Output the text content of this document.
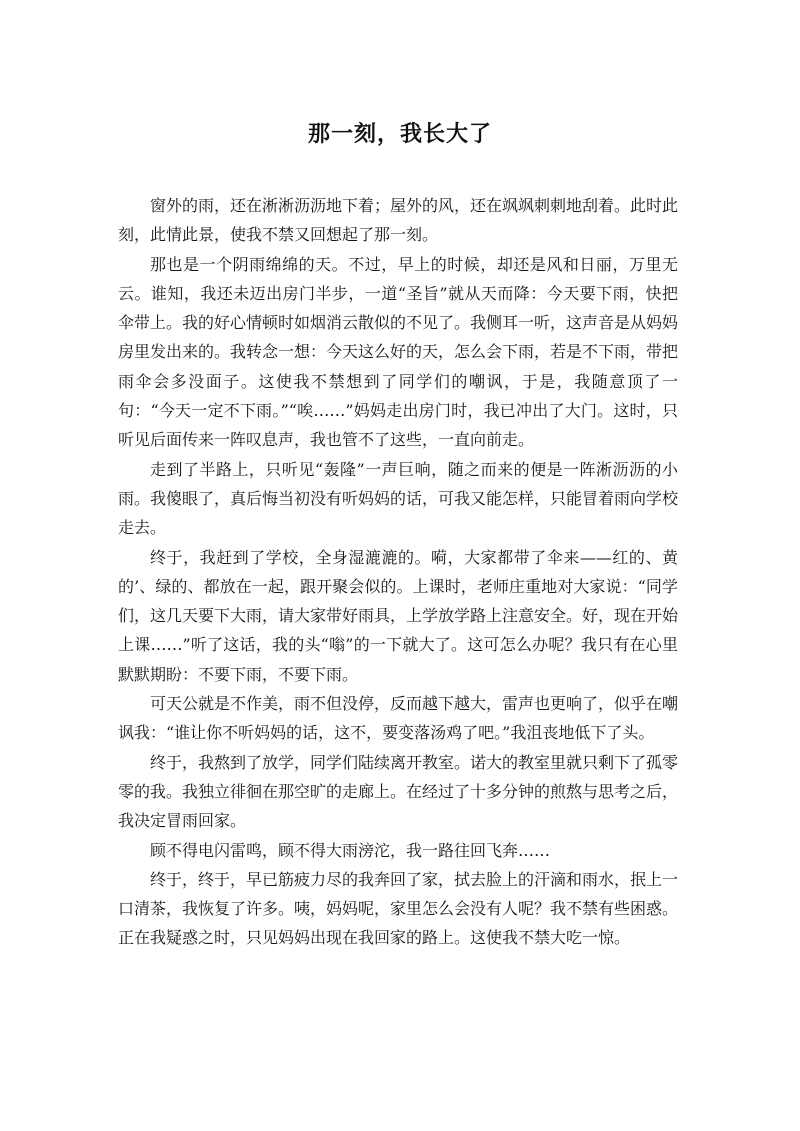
那一刻，我长大了

窗外的雨，还在淅淅沥沥地下着；屋外的风，还在飒飒刺刺地刮着。此时此刻，此情此景，使我不禁又回想起了那一刻。

那也是一个阴雨绵绵的天。不过，早上的时候，却还是风和日丽，万里无云。谁知，我还未迈出房门半步，一道“圣旨”就从天而降：今天要下雨，快把伞带上。我的好心情顿时如烟消云散似的不见了。我侧耳一听，这声音是从妈妈房里发出来的。我转念一想：今天这么好的天，怎么会下雨，若是不下雨，带把雨伞会多没面子。这使我不禁想到了同学们的嘲讽，于是，我随意顶了一句：“今天一定不下雨。”“唉……”妈妈走出房门时，我已冲出了大门。这时，只听见后面传来一阵叹息声，我也管不了这些，一直向前走。

走到了半路上，只听见“轰隆”一声巨响，随之而来的便是一阵淅沥沥的小雨。我傻眼了，真后悔当初没有听妈妈的话，可我又能怎样，只能冒着雨向学校走去。

终于，我赶到了学校，全身湿漉漉的。嗬，大家都带了伞来——红的、黄的’、绿的、都放在一起，跟开聚会似的。上课时，老师庄重地对大家说：“同学们，这几天要下大雨，请大家带好雨具，上学放学路上注意安全。好，现在开始上课……”听了这话，我的头“嗡”的一下就大了。这可怎么办呢？我只有在心里默默期盼：不要下雨，不要下雨。

可天公就是不作美，雨不但没停，反而越下越大，雷声也更响了，似乎在嘲讽我：“谁让你不听妈妈的话，这不，要变落汤鸡了吧。”我沮丧地低下了头。

终于，我熬到了放学，同学们陆续离开教室。诺大的教室里就只剩下了孤零零的我。我独立徘徊在那空旷的走廊上。在经过了十多分钟的煎熬与思考之后，我决定冒雨回家。

顾不得电闪雷鸣，顾不得大雨滂沱，我一路往回飞奔……

终于，终于，早已筋疲力尽的我奔回了家，拭去脸上的汗滴和雨水，抿上一口清茶，我恢复了许多。咦，妈妈呢，家里怎么会没有人呢？我不禁有些困惑。正在我疑惑之时，只见妈妈出现在我回家的路上。这使我不禁大吃一惊。
